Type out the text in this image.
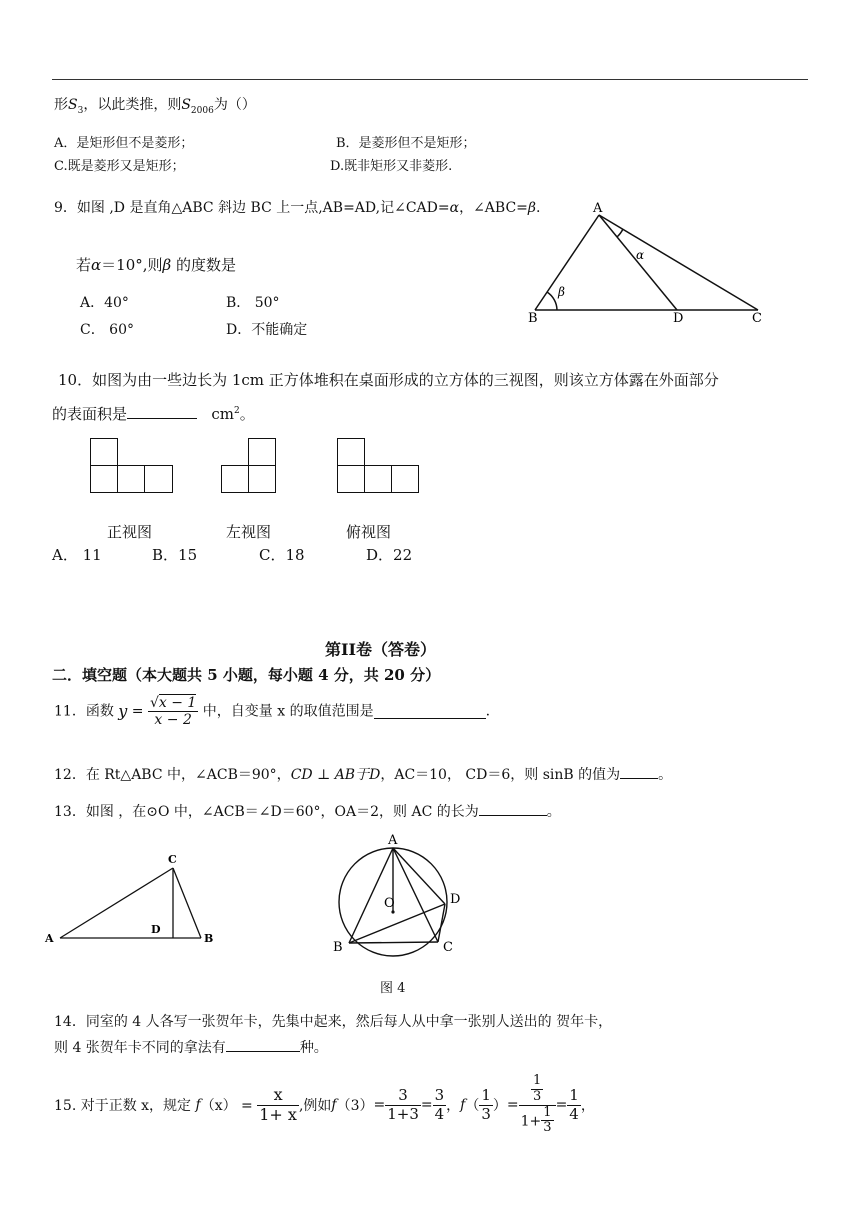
形$S_3$，以此类推，则$S_{2006}$为（）
A．是矩形但不是菱形；	B．是菱形但不是矩形；
C.既是菱形又是矩形；	D.既非矩形又非菱形.
9．如图 ,D 是直角△ABC 斜边 BC 上一点,AB=AD,记∠CAD=α，∠ABC=β.
若α＝10°,则β 的度数是
A．40°	B． 50°
C． 60°	D．不能确定
A
B	D	C
α
β
10．如图为由一些边长为 1cm 正方体堆积在桌面形成的立方体的三视图，则该立方体露在外面部分
的表面积是	$cm^2$。
正视图	左视图	俯视图
A． 11	B．15	C．18	D．22
第II卷（答卷）
二．填空题（本大题共 5 小题，每小题 4 分，共 20 分）
11．函数 $y = \frac{√x - 1}{x - 2}$ 中，自变量 x 的取值范围是	.
12．在 Rt△ABC 中，∠ACB＝90°，CD ⊥ AB于D，AC＝10， CD＝6，则 sinB 的值为	。
13．如图 ，在⊙O 中，∠ACB＝∠D＝60°，OA＝2，则 AC 的长为	。
A
C
D
B
A
O	D
B	C
图 4
14．同室的 4 人各写一张贺年卡，先集中起来，然后每人从中拿一张别人送出的 贺年卡，
则 4 张贺年卡不同的拿法有	种。
15. 对于正数 x，规定
f （x） =
$\frac{x}{1+ x}$ ,例如 f $(3) = \frac{3}{1+3} = \frac{3}{4}$ ， f （ $\frac{1}{3}$ ） = $\frac{\frac{1}{3}}{1+ \frac{1}{3}} = \frac{1}{4}$ ，
